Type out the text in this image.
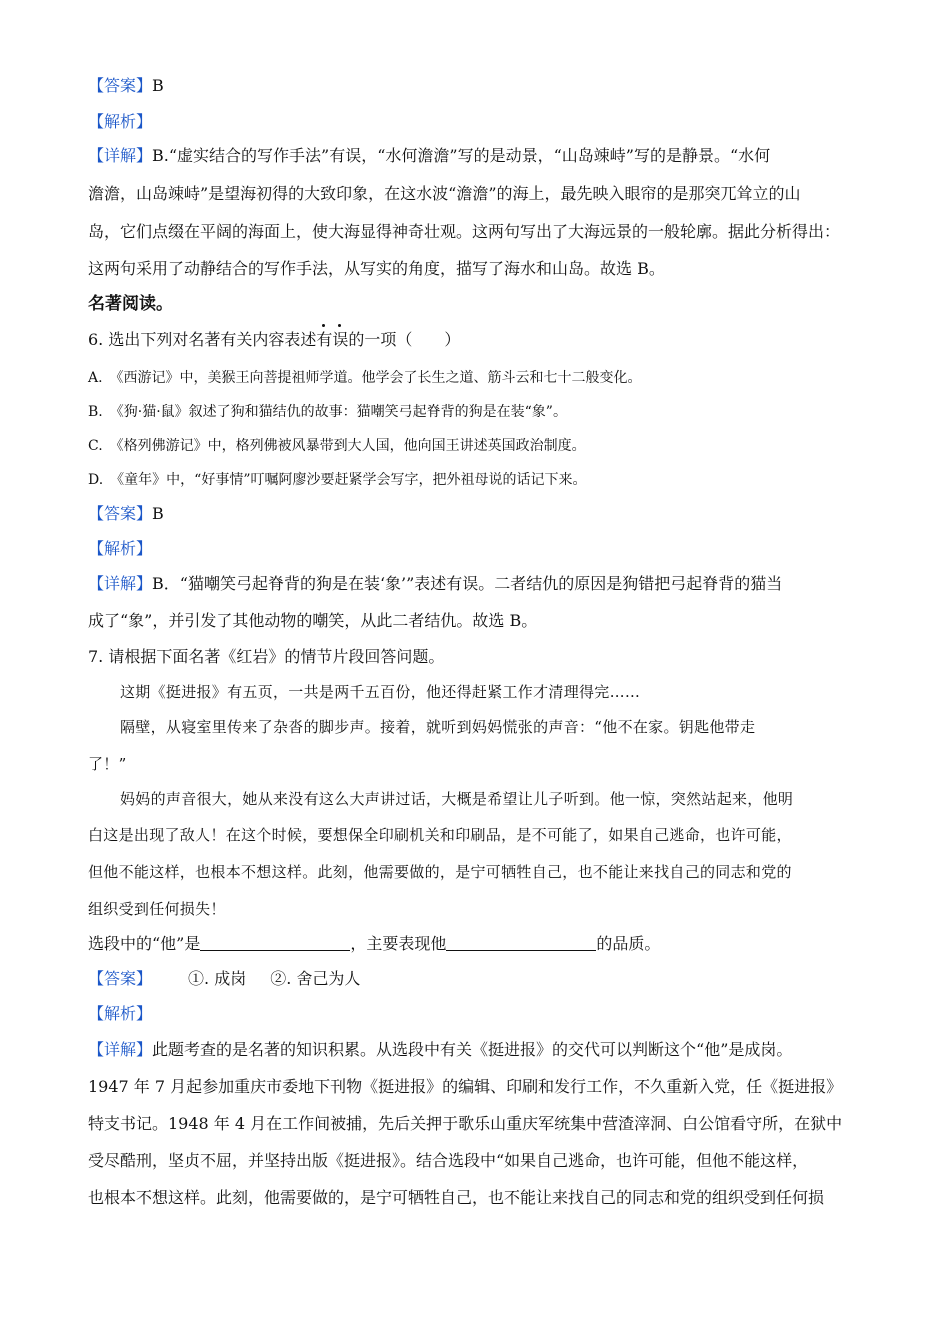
【答案】B
【解析】
【详解】B.“虚实结合的写作手法”有误，“水何澹澹”写的是动景，“山岛竦峙”写的是静景。“水何
澹澹，山岛竦峙”是望海初得的大致印象，在这水波“澹澹”的海上，最先映入眼帘的是那突兀耸立的山
岛，它们点缀在平阔的海面上，使大海显得神奇壮观。这两句写出了大海远景的一般轮廓。据此分析得出：
这两句采用了动静结合的写作手法，从写实的角度，描写了海水和山岛。故选 B。
名著阅读。
6. 选出下列对名著有关内容表述
有误的一项（　　）
A.　《西游记》中，美猴王向菩提祖师学道。他学会了长生之道、筋斗云和七十二般变化。
B.　《狗·猫·鼠》叙述了狗和猫结仇的故事：猫嘲笑弓起脊背的狗是在装“象”。
C.　《格列佛游记》中，格列佛被风暴带到大人国，他向国王讲述英国政治制度。
D.　《童年》中，“好事情”叮嘱阿廖沙要赶紧学会写字，把外祖母说的话记下来。
【答案】B
【解析】
【详解】B．“猫嘲笑弓起脊背的狗是在装‘象’”表述有误。二者结仇的原因是狗错把弓起脊背的猫当
成了“象”，并引发了其他动物的嘲笑，从此二者结仇。故选 B。
7. 请根据下面名著《红岩》的情节片段回答问题。
这期《挺进报》有五页，一共是两千五百份，他还得赶紧工作才清理得完……
隔壁，从寝室里传来了杂沓的脚步声。接着，就听到妈妈慌张的声音：“他不在家。钥匙他带走
了！”
妈妈的声音很大，她从来没有这么大声讲过话，大概是希望让儿子听到。他一惊，突然站起来，他明
白这是出现了敌人！在这个时候，要想保全印刷机关和印刷品，是不可能了，如果自己逃命，也许可能，
但他不能这样，也根本不想这样。此刻，他需要做的，是宁可牺牲自己，也不能让来找自己的同志和党的
组织受到任何损失！
选段中的“他”是	，主要表现他	的品质。
【答案】 ①. 成岗 ②. 舍己为人
【解析】
【详解】此题考查的是名著的知识积累。从选段中有关《挺进报》的交代可以判断这个“他”是成岗。
1947 年 7 月起参加重庆市委地下刊物《挺进报》的编辑、印刷和发行工作，不久重新入党，任《挺进报》
特支书记。1948 年 4 月在工作间被捕，先后关押于歌乐山重庆军统集中营渣滓洞、白公馆看守所，在狱中
受尽酷刑，坚贞不屈，并坚持出版《挺进报》。结合选段中“如果自己逃命，也许可能，但他不能这样，
也根本不想这样。此刻，他需要做的，是宁可牺牲自己，也不能让来找自己的同志和党的组织受到任何损
